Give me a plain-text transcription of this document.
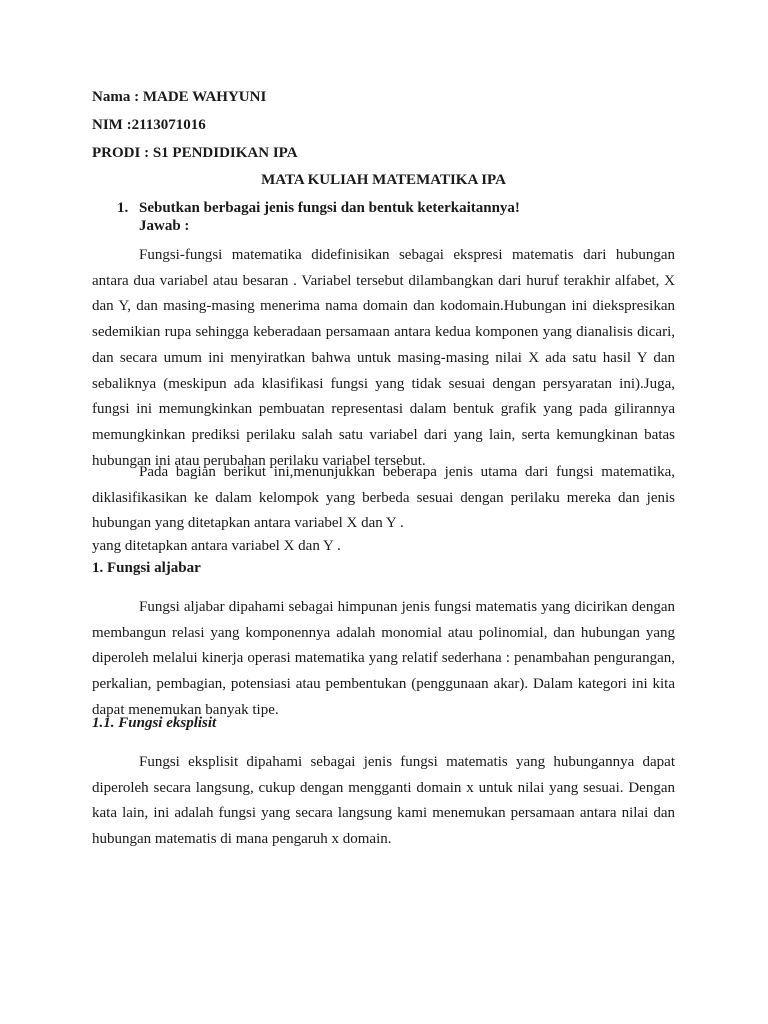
Nama : MADE WAHYUNI
NIM :2113071016
PRODI : S1 PENDIDIKAN IPA
MATA KULIAH MATEMATIKA IPA
1. Sebutkan berbagai jenis fungsi dan bentuk keterkaitannya!
Jawab :

Fungsi-fungsi matematika didefinisikan sebagai ekspresi matematis dari hubungan antara dua variabel atau besaran . Variabel tersebut dilambangkan dari huruf terakhir alfabet, X dan Y, dan masing-masing menerima nama domain dan kodomain.Hubungan ini diekspresikan sedemikian rupa sehingga keberadaan persamaan antara kedua komponen yang dianalisis dicari, dan secara umum ini menyiratkan bahwa untuk masing-masing nilai X ada satu hasil Y dan sebaliknya (meskipun ada klasifikasi fungsi yang tidak sesuai dengan persyaratan ini).Juga, fungsi ini memungkinkan pembuatan representasi dalam bentuk grafik yang pada gilirannya memungkinkan prediksi perilaku salah satu variabel dari yang lain, serta kemungkinan batas hubungan ini atau perubahan perilaku variabel tersebut.

Pada bagian berikut ini,menunjukkan beberapa jenis utama dari fungsi matematika, diklasifikasikan ke dalam kelompok yang berbeda sesuai dengan perilaku mereka dan jenis hubungan yang ditetapkan antara variabel X dan Y .

yang ditetapkan antara variabel X dan Y .
1. Fungsi aljabar

Fungsi aljabar dipahami sebagai himpunan jenis fungsi matematis yang dicirikan dengan membangun relasi yang komponennya adalah monomial atau polinomial, dan hubungan yang diperoleh melalui kinerja operasi matematika yang relatif sederhana : penambahan pengurangan, perkalian, pembagian, potensiasi atau pembentukan (penggunaan akar). Dalam kategori ini kita dapat menemukan banyak tipe.

1.1. Fungsi eksplisit

Fungsi eksplisit dipahami sebagai jenis fungsi matematis yang hubungannya dapat diperoleh secara langsung, cukup dengan mengganti domain x untuk nilai yang sesuai. Dengan kata lain, ini adalah fungsi yang secara langsung kami menemukan persamaan antara nilai dan hubungan matematis di mana pengaruh x domain.
